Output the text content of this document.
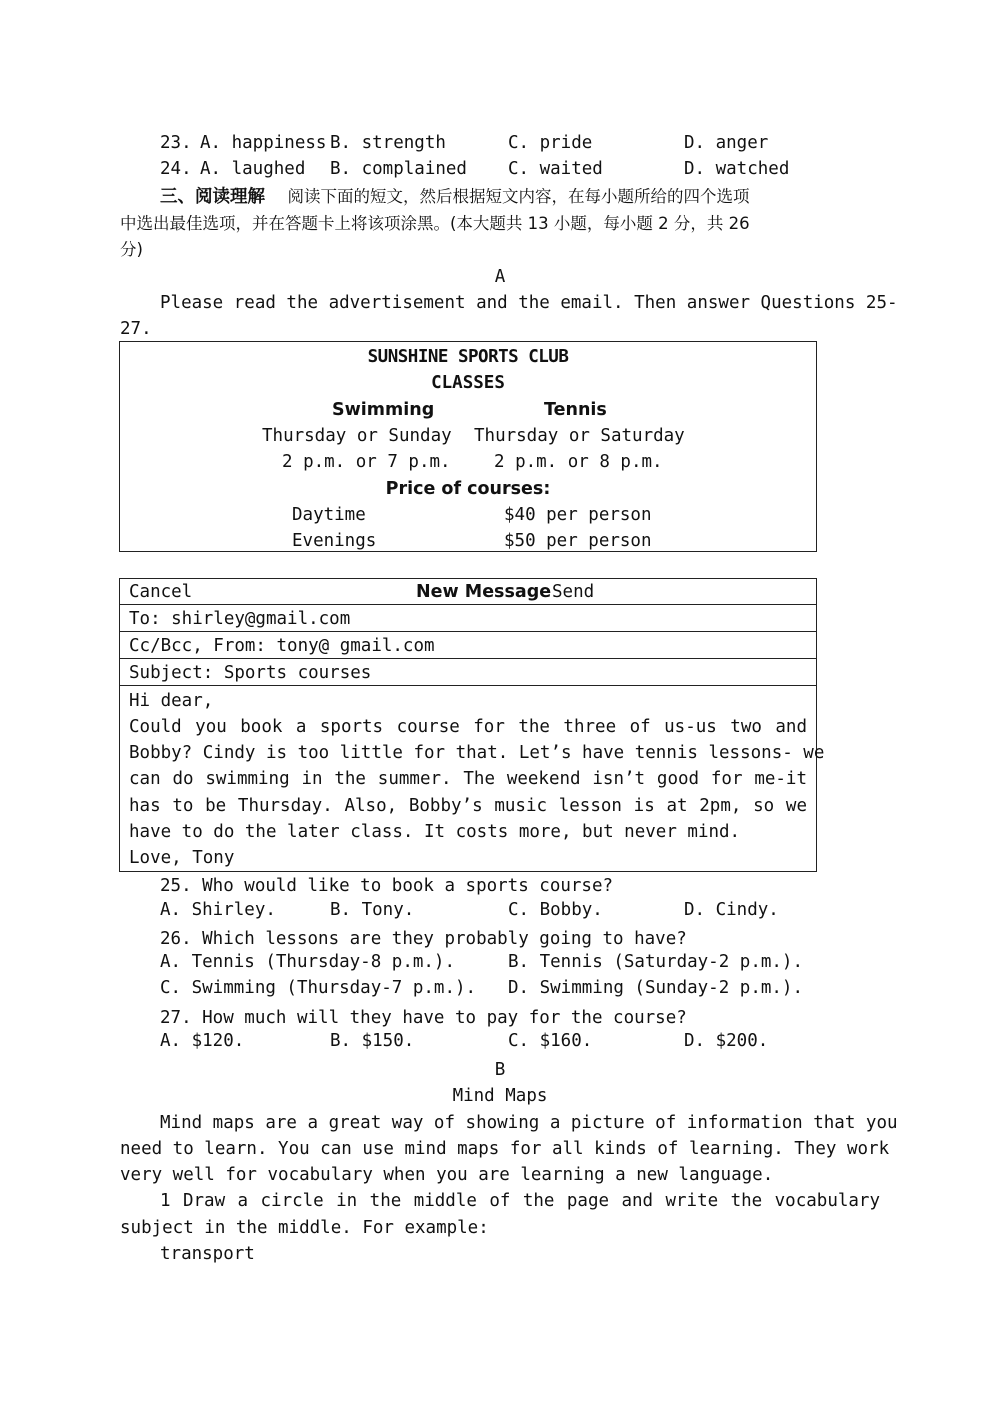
23. A. happiness B. strength	C. pride	D. anger
24. A. laughed B. complained C. waited	D. watched
三、阅读理解 阅读下面的短文，然后根据短文内容，在每小题所给的四个选项
中选出最佳选项，并在答题卡上将该项涂黑。(本大题共 13 小题，每小题 2 分，共 26
分)
A
Please read the advertisement and the email. Then answer Questions 25-
27.
SUNSHINE SPORTS CLUB
CLASSES
Swimming	Tennis
Thursday or Sunday Thursday or Saturday
2 p.m. or 7 p.m. 2 p.m. or 8 p.m.
Price of courses:
Daytime	$40 per person
Evenings	$50 per person
Cancel	New Message Send
To: shirley@gmail.com
Cc/Bcc, From: tony@ gmail.com
Subject: Sports courses
Hi dear,
Could you book a sports course for the three of us-us two and
Bobby? Cindy is too little for that. Let’s have tennis lessons- we
can do swimming in the summer. The weekend isn’t good for me-it
has to be Thursday. Also, Bobby’s music lesson is at 2pm, so we
have to do the later class. It costs more, but never mind.
Love, Tony
25. Who would like to book a sports course?
A. Shirley.	B. Tony.	C. Bobby.	D. Cindy.
26. Which lessons are they probably going to have?
A. Tennis (Thursday-8 p.m.).	B. Tennis (Saturday-2 p.m.).
C. Swimming (Thursday-7 p.m.). D. Swimming (Sunday-2 p.m.).
27. How much will they have to pay for the course?
A. $120.	B. $150.	C. $160.	D. $200.
B
Mind Maps
Mind maps are a great way of showing a picture of information that you
need to learn. You can use mind maps for all kinds of learning. They work
very well for vocabulary when you are learning a new language.
1 Draw a circle in the middle of the page and write the vocabulary
subject in the middle. For example:
transport
